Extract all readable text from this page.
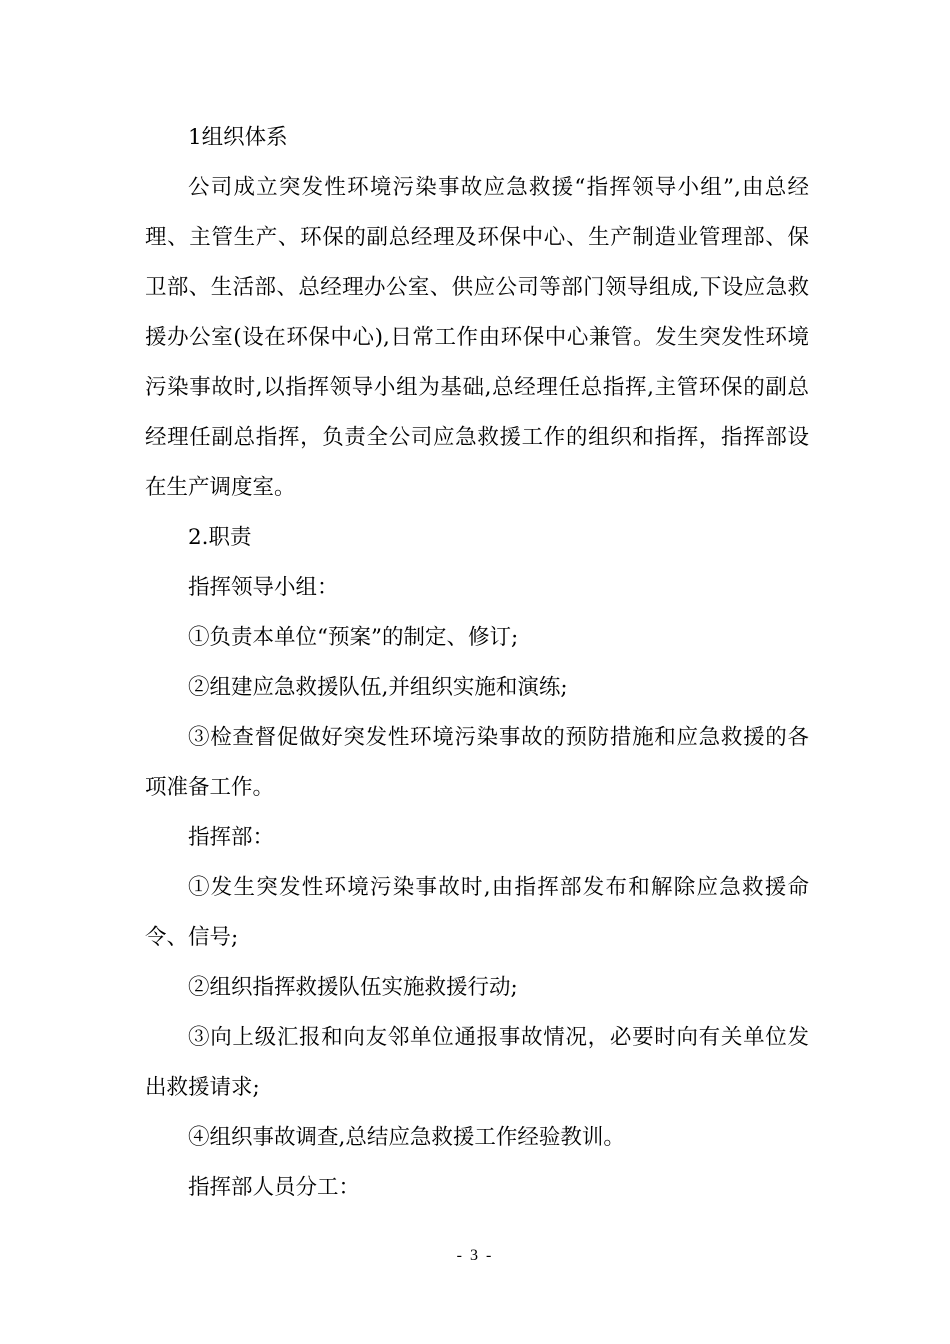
1组织体系

公司成立突发性环境污染事故应急救援“指挥领导小组”,由总经理、主管生产、环保的副总经理及环保中心、生产制造业管理部、保卫部、生活部、总经理办公室、供应公司等部门领导组成,下设应急救援办公室(设在环保中心),日常工作由环保中心兼管。发生突发性环境污染事故时,以指挥领导小组为基础,总经理任总指挥,主管环保的副总经理任副总指挥，负责全公司应急救援工作的组织和指挥，指挥部设在生产调度室。

2.职责

指挥领导小组：

①负责本单位“预案”的制定、修订;

②组建应急救援队伍,并组织实施和演练;

③检查督促做好突发性环境污染事故的预防措施和应急救援的各项准备工作。

指挥部：

①发生突发性环境污染事故时,由指挥部发布和解除应急救援命令、信号;

②组织指挥救援队伍实施救援行动;

③向上级汇报和向友邻单位通报事故情况，必要时向有关单位发出救援请求;

④组织事故调查,总结应急救援工作经验教训。

指挥部人员分工：

- 3 -
